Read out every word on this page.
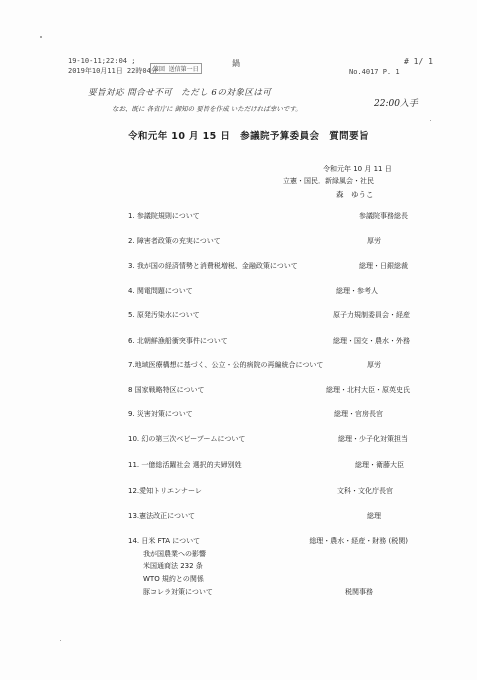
19-10-11;22:04 ;
2019年10月11日 22時04分
第回 送信第一日
鍋	# 1/ 1
No.4017 P. 1
要旨対応 問合せ不可　ただし 6の対象区は可
なお、既に 各省庁に 御知の 要旨を作成 いただければ幸いです。	22:00入手
令和元年 10 月 15 日　参議院予算委員会　質問要旨
令和元年 10 月 11 日
立憲・国民．新緑風会・社民
森　ゆうこ
1. 参議院規則について	参議院事務総長
2. 障害者政策の充実について	厚労
3. 我が国の経済情勢と消費税増税、金融政策について	総理・日銀総裁
4. 関電問題について	総理・参考人
5. 原発汚染水について	原子力規制委員会・経産
6. 北朝鮮漁船衝突事件について	総理・国交・農水・外務
7.地域医療構想に基づく、公立・公的病院の再編統合について	厚労
8 国家戦略特区について	総理・北村大臣・原英史氏
9. 災害対策について	総理・官房長官
10. 幻の第三次ベビーブームについて	総理・少子化対策担当
11. 一億総活躍社会 選択的夫婦別姓	総理・衛藤大臣
12.愛知トリエンナーレ	文科・文化庁長官
13.憲法改正について	総理
14. 日米 FTA について	総理・農水・経産・財務 (税関)
我が国農業への影響
米国通商法 232 条
WTO 規約との関係
豚コレラ対策について	税関事務
